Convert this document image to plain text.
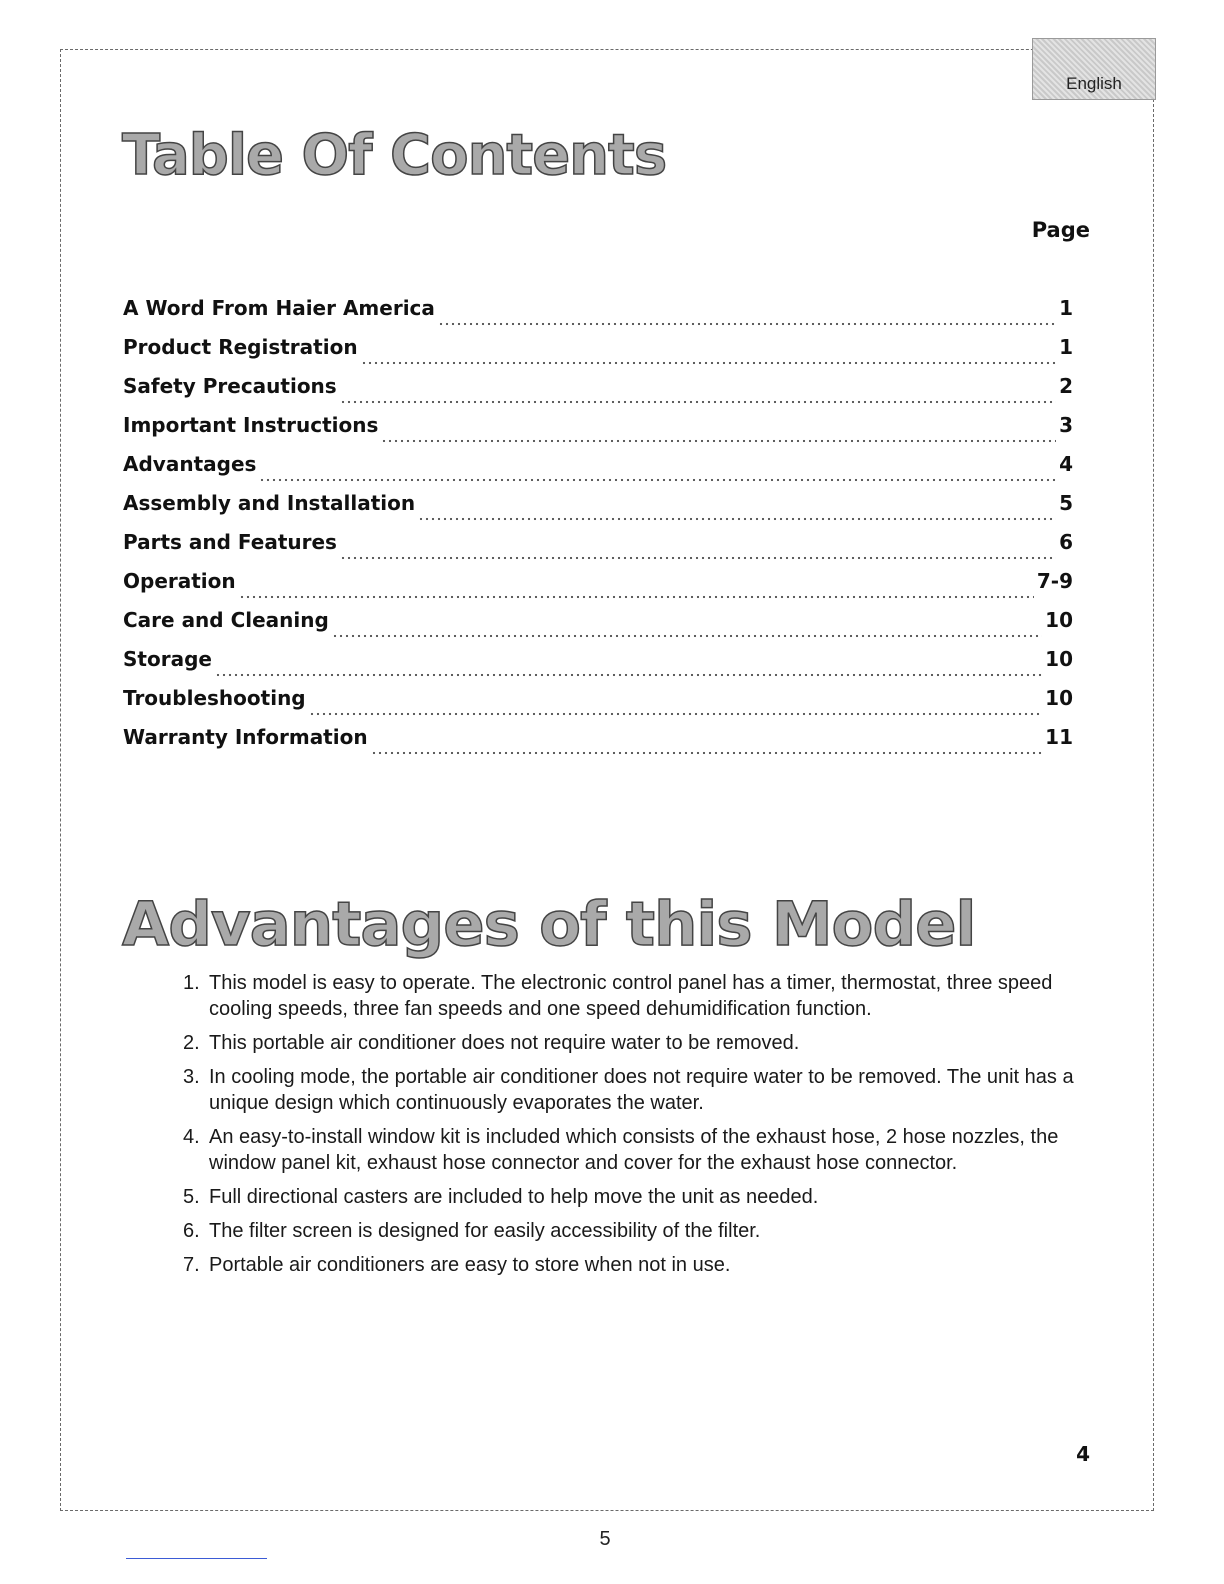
English
Table Of Contents
Page
A Word From Haier America	1
Product Registration	1
Safety Precautions	2
Important Instructions	3
Advantages	4
Assembly and Installation	5
Parts and Features	6
Operation	7-9
Care and Cleaning	10
Storage	10
Troubleshooting	10
Warranty Information	11
Advantages of this Model
1. This model is easy to operate. The electronic control panel has a timer, thermostat, three speed cooling speeds, three fan speeds and one speed dehumidification function.
2. This portable air conditioner does not require water to be removed.
3. In cooling mode, the portable air conditioner does not require water to be removed. The unit has a unique design which continuously evaporates the water.
4. An easy-to-install window kit is included which consists of the exhaust hose, 2 hose nozzles, the window panel kit, exhaust hose connector and cover for the exhaust hose connector.
5. Full directional casters are included to help move the unit as needed.
6. The filter screen is designed for easily accessibility of the filter.
7. Portable air conditioners are easy to store when not in use.
4
5
